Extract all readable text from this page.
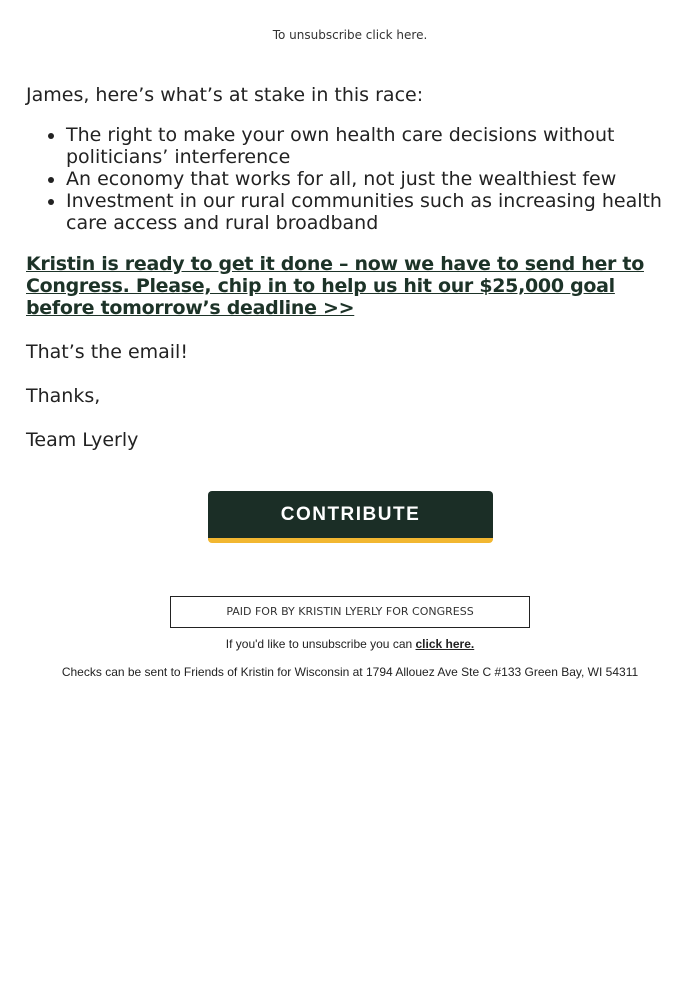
To unsubscribe click here.

James, here’s what’s at stake in this race:

• The right to make your own health care decisions without politicians’ interference
• An economy that works for all, not just the wealthiest few
• Investment in our rural communities such as increasing health care access and rural broadband
Kristin is ready to get it done – now we have to send her to Congress. Please, chip in to help us hit our $25,000 goal before tomorrow’s deadline >>

That’s the email!

Thanks,

Team Lyerly

CONTRIBUTE
PAID FOR BY KRISTIN LYERLY FOR CONGRESS
If you'd like to unsubscribe you can click here.
Checks can be sent to Friends of Kristin for Wisconsin at 1794 Allouez Ave Ste C #133 Green Bay, WI 54311
